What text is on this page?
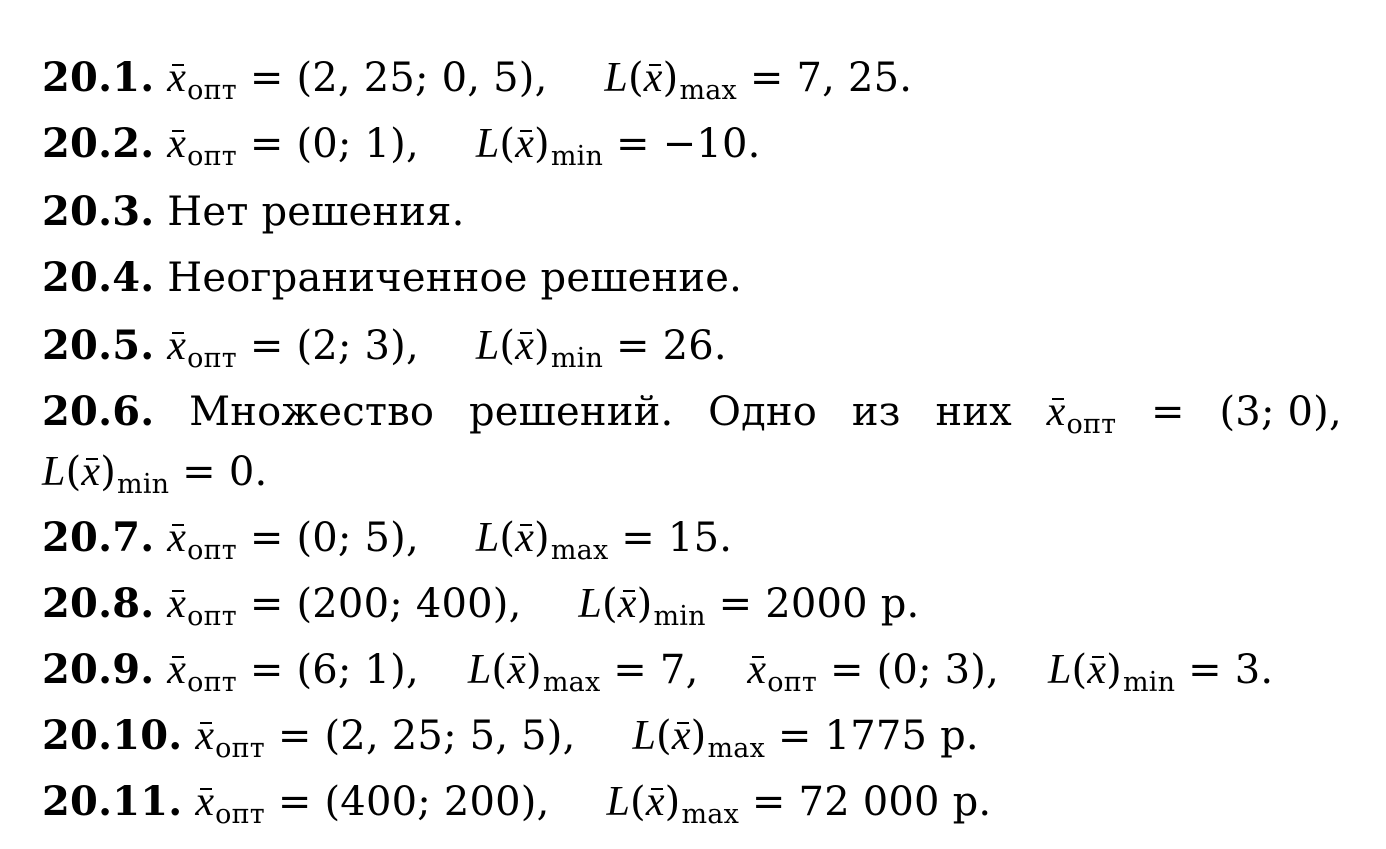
20.1. $x_{опт} = (2$, 25; 0, 5), $L(x)_{max} = 7$, 25.
20.2. $x_{опт} = (0$; 1), $L(x)_{min} = -10$.
20.3. Нет решения.
20.4. Неограниченное решение.
20.5. $x_{опт} = (2$; 3), $L(x)_{min} = 26$.
20.6. Множество решений. Одно из них $x_{опт} = (3$; 0),
$L(x)_{min} = 0$.
20.7. $x_{опт} = (0$; 5), $L(x)_{max} = 15$.
20.8. $x_{опт} = (200$; 400), $L(x)_{min} = 2000$ р.
20.9. $x_{опт} = (6$; 1), $L(x)_{max} = 7$, $x_{опт} = (0$; 3), $L(x)_{min} = 3$.
20.10. $x_{опт} = (2$, 25; 5, 5), $L(x)_{max} = 1775$ р.
20.11. $x_{опт} = (400$; 200), $L(x)_{max} = 72$ 000 р.
